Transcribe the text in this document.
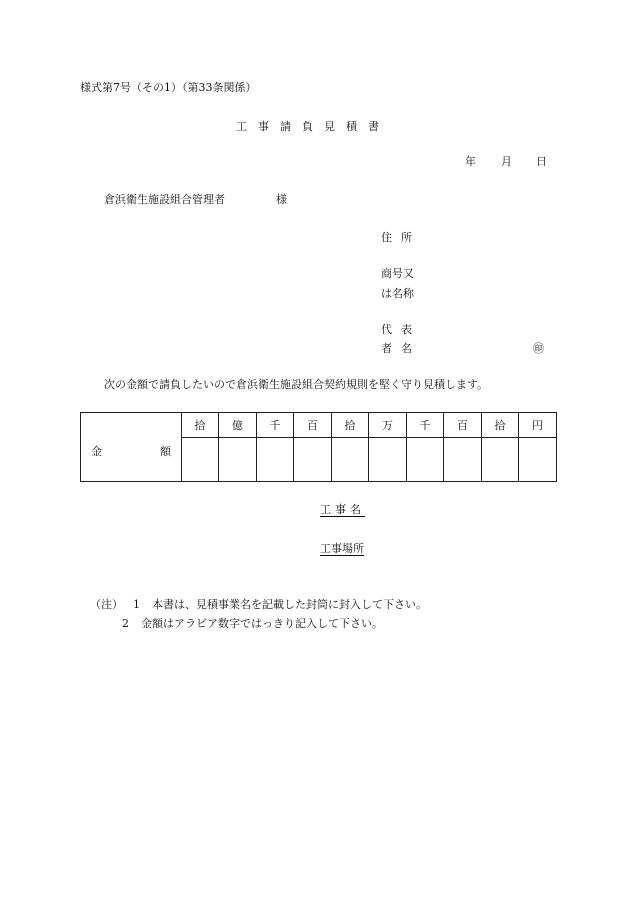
様式第7号（その1）（第33条関係）
工事請負見積書
年 月 日
倉浜衛生施設組合管理者	様
住所
商号又
は名称
代表
者名	㊞
次の金額で請負したいので倉浜衛生施設組合契約規則を堅く守り見積します。
金 額	拾	億	千	百	拾	万	千	百	拾	円

工事名
工事場所
（注） 1 本書は、見積事業名を記載した封筒に封入して下さい。
2 金額はアラビア数字ではっきり記入して下さい。
